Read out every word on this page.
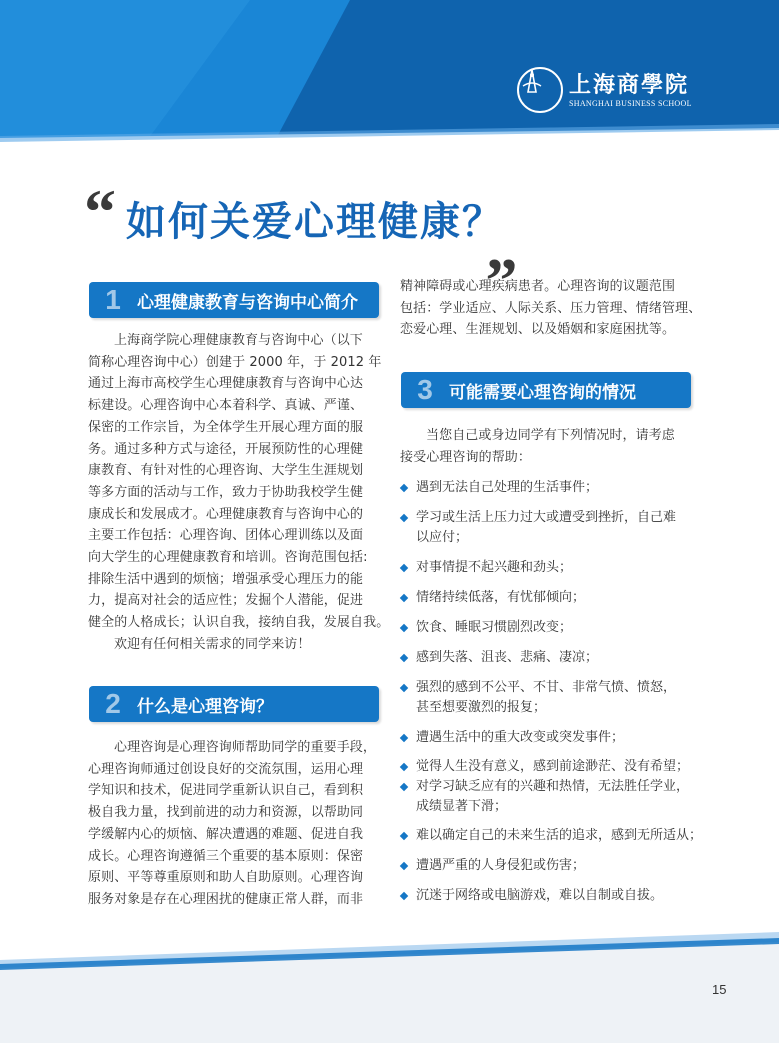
上海商學院
SHANGHAI BUSINESS SCHOOL
“ 如何关爱心理健康？
„
1 心理健康教育与咨询中心简介

上海商学院心理健康教育与咨询中心（以下
简称心理咨询中心）创建于 2000 年，于 2012 年
通过上海市高校学生心理健康教育与咨询中心达
标建设。心理咨询中心本着科学、真诚、严谨、
保密的工作宗旨，为全体学生开展心理方面的服
务。通过多种方式与途径，开展预防性的心理健
康教育、有针对性的心理咨询、大学生生涯规划
等多方面的活动与工作，致力于协助我校学生健
康成长和发展成才。心理健康教育与咨询中心的
主要工作包括：心理咨询、团体心理训练以及面
向大学生的心理健康教育和培训。咨询范围包括:
排除生活中遇到的烦恼；增强承受心理压力的能
力，提高对社会的适应性；发掘个人潜能，促进
健全的人格成长；认识自我，接纳自我，发展自我。
欢迎有任何相关需求的同学来访！

2 什么是心理咨询？

心理咨询是心理咨询师帮助同学的重要手段，
心理咨询师通过创设良好的交流氛围，运用心理
学知识和技术，促进同学重新认识自己，看到积
极自我力量，找到前进的动力和资源，以帮助同
学缓解内心的烦恼、解决遭遇的难题、促进自我
成长。心理咨询遵循三个重要的基本原则：保密
原则、平等尊重原则和助人自助原则。心理咨询
服务对象是存在心理困扰的健康正常人群，而非

精神障碍或心理疾病患者。心理咨询的议题范围
包括：学业适应、人际关系、压力管理、情绪管理、
恋爱心理、生涯规划、以及婚姻和家庭困扰等。

3 可能需要心理咨询的情况

当您自己或身边同学有下列情况时，请考虑
接受心理咨询的帮助：

遇到无法自己处理的生活事件；
学习或生活上压力过大或遭受到挫折，自己难
以应付；
对事情提不起兴趣和劲头；
情绪持续低落，有忧郁倾向；
饮食、睡眠习惯剧烈改变；
感到失落、沮丧、悲痛、凄凉；
强烈的感到不公平、不甘、非常气愤、愤怒，
甚至想要激烈的报复；
遭遇生活中的重大改变或突发事件；
觉得人生没有意义，感到前途渺茫、没有希望；
对学习缺乏应有的兴趣和热情，无法胜任学业，
成绩显著下滑；
难以确定自己的未来生活的追求，感到无所适从；
遭遇严重的人身侵犯或伤害；
沉迷于网络或电脑游戏，难以自制或自拔。
15
